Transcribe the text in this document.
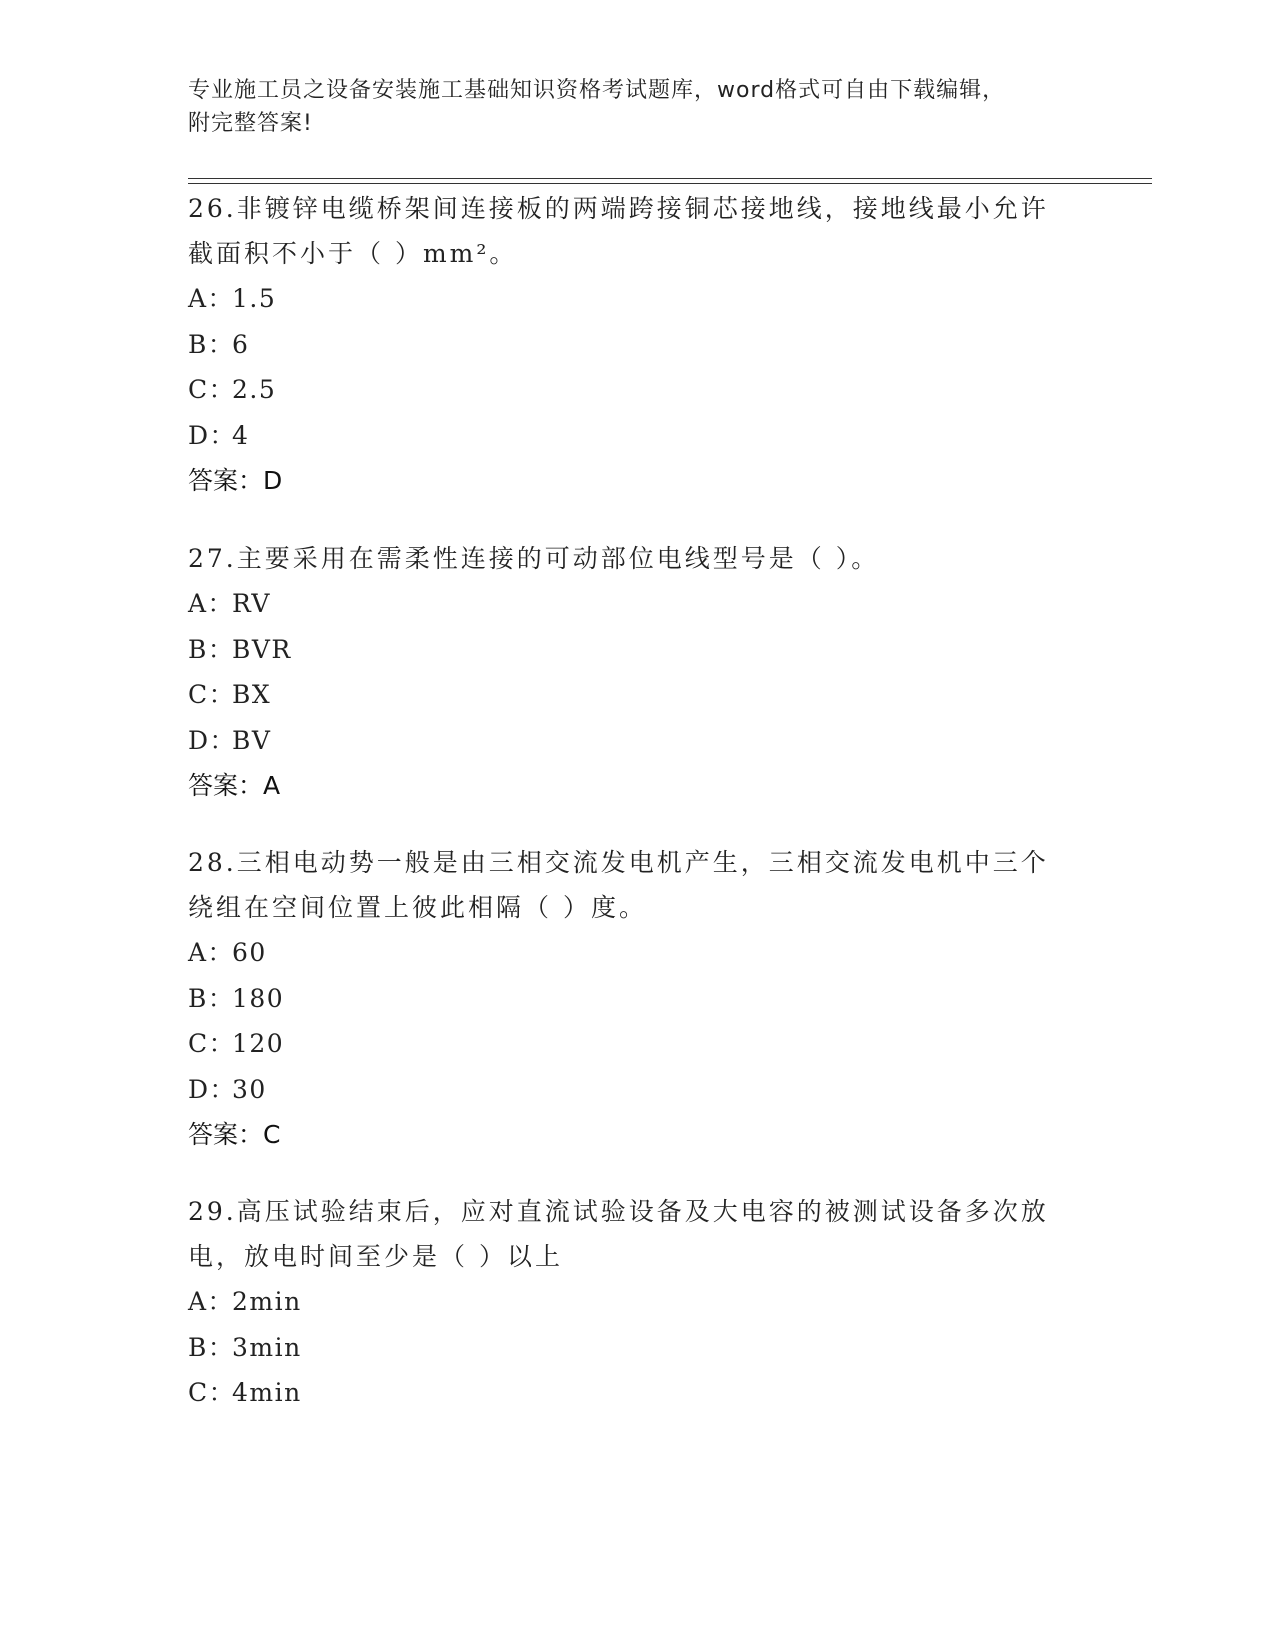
专业施工员之设备安装施工基础知识资格考试题库，word格式可自由下载编辑，
附完整答案!
26.非镀锌电缆桥架间连接板的两端跨接铜芯接地线，接地线最小允许
截面积不小于（ ）mm²。
A：1.5
B：6
C：2.5
D：4
答案：D
27.主要采用在需柔性连接的可动部位电线型号是（ ）。
A：RV
B：BVR
C：BX
D：BV
答案：A
28.三相电动势一般是由三相交流发电机产生，三相交流发电机中三个
绕组在空间位置上彼此相隔（ ）度。
A：60
B：180
C：120
D：30
答案：C
29.高压试验结束后，应对直流试验设备及大电容的被测试设备多次放
电，放电时间至少是（ ）以上
A：2min
B：3min
C：4min
